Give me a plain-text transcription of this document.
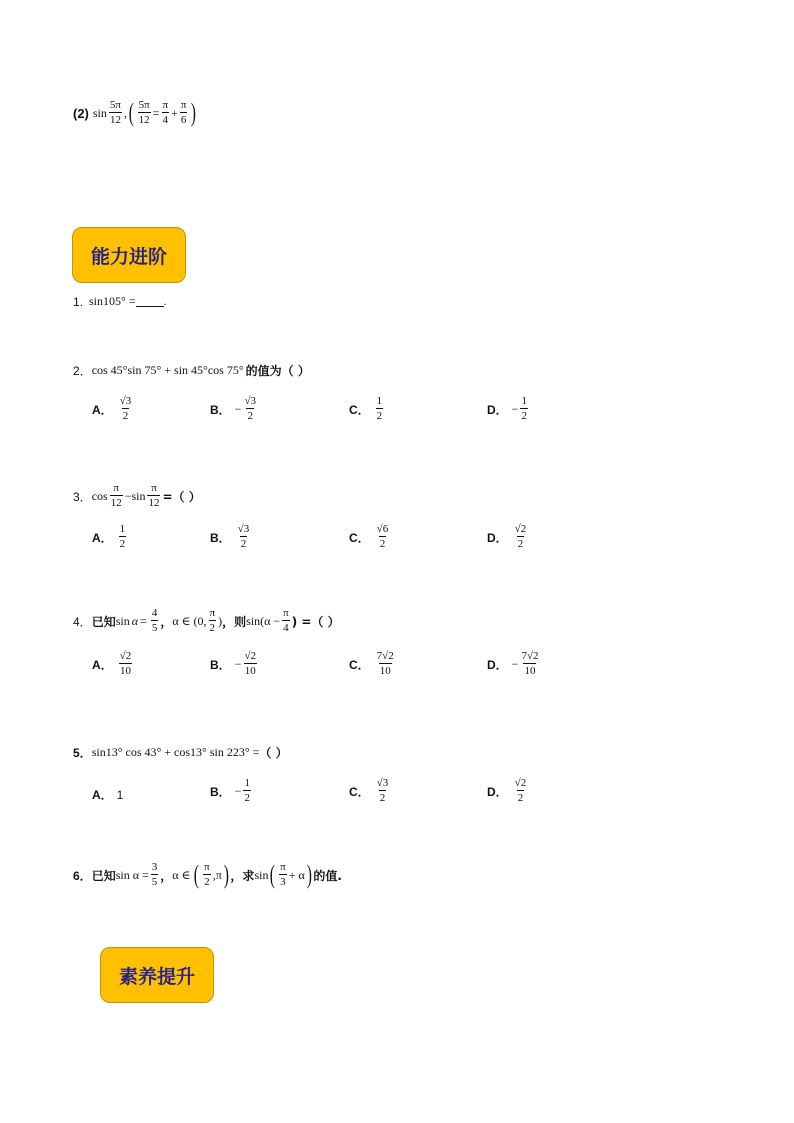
(2) $\sin \frac{5\pi}{12}$ , ( $\frac{5\pi}{12} = \frac{\pi}{4} + \frac{\pi}{6}$ )
能力进阶
1. sin105° = .
2． cos 45°sin 75° + sin 45°cos 75° 的值为（ ）
A． $\frac{√3}{2}$	B． − $\frac{√3}{2}$	C． $\frac{1}{2}$	D． − $\frac{1}{2}$
3． $\cos \frac{\pi}{12} - \sin \frac{\pi}{12}$ =（ ）
A． $\frac{1}{2}$	B． $\frac{√3}{2}$	C． $\frac{√6}{2}$	D． $\frac{√2}{2}$
4． 已知 $\sin \alpha = \frac{4}{5}$ ， α ∈ (0, $\frac{\pi}{2}$ ) ，则 $\sin(\alpha - \frac{\pi}{4}$ ) =（ ）
A． $\frac{√2}{10}$	B． − $\frac{√2}{10}$	C． $\frac{7√2}{10}$	D． − $\frac{7√2}{10}$
5． sin13° cos 43° + cos13° sin 223° = （ ）
A． 1	B． − $\frac{1}{2}$	C． $\frac{√3}{2}$	D． $\frac{√2}{2}$
6． 已知 $\sin \alpha = \frac{3}{5}$ ， α ∈ ( $\frac{\pi}{2} ,\pi$ ) ，求 sin ( $\frac{\pi}{3} + \alpha$ ) 的值.
素养提升
